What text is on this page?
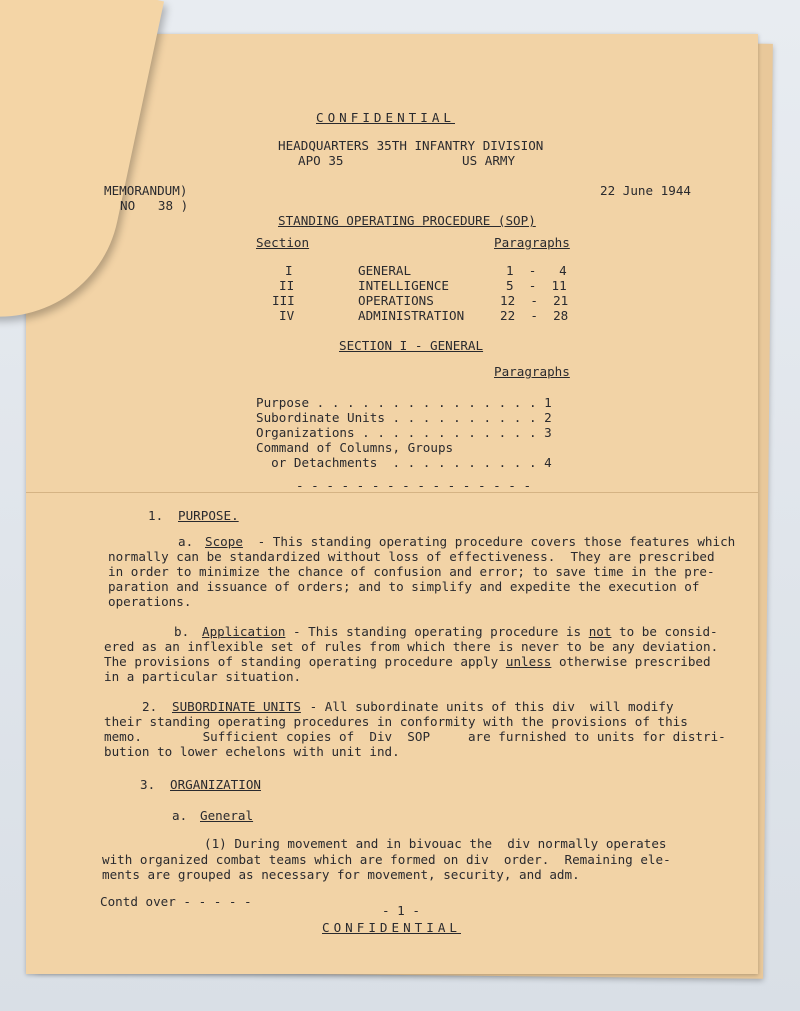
CONFIDENTIAL
HEADQUARTERS 35TH INFANTRY DIVISION
APO 35	US ARMY
MEMORANDUM)
NO   38 )
22 June 1944
STANDING OPERATING PROCEDURE (SOP)
Section	Paragraphs
I	GENERAL	1  -   4
II	INTELLIGENCE	5  -  11
III	OPERATIONS	12  -  21
IV	ADMINISTRATION	22  -  28
SECTION I - GENERAL
Paragraphs
Purpose . . . . . . . . . . . . . . . 1
Subordinate Units . . . . . . . . . . 2
Organizations . . . . . . . . . . . . 3
Command of Columns, Groups
or Detachments  . . . . . . . . . . 4
- - - - - - - - - - - - - - - -
1. PURPOSE.
a. Scope - This standing operating procedure covers those features which
normally can be standardized without loss of effectiveness.  They are prescribed
in order to minimize the chance of confusion and error; to save time in the pre-
paration and issuance of orders; and to simplify and expedite the execution of
operations.
b. Application - This standing operating procedure is not to be consid-
ered as an inflexible set of rules from which there is never to be any deviation.
The provisions of standing operating procedure apply unless otherwise prescribed
in a particular situation.
2. SUBORDINATE UNITS - All subordinate units of this div  will modify
their standing operating procedures in conformity with the provisions of this
memo.        Sufficient copies of  Div  SOP     are furnished to units for distri-
bution to lower echelons with unit ind.
3. ORGANIZATION
a. General
(1) During movement and in bivouac the  div normally operates
with organized combat teams which are formed on div  order.  Remaining ele-
ments are grouped as necessary for movement, security, and adm.
Contd over - - - - -
- 1 -
CONFIDENTIAL
